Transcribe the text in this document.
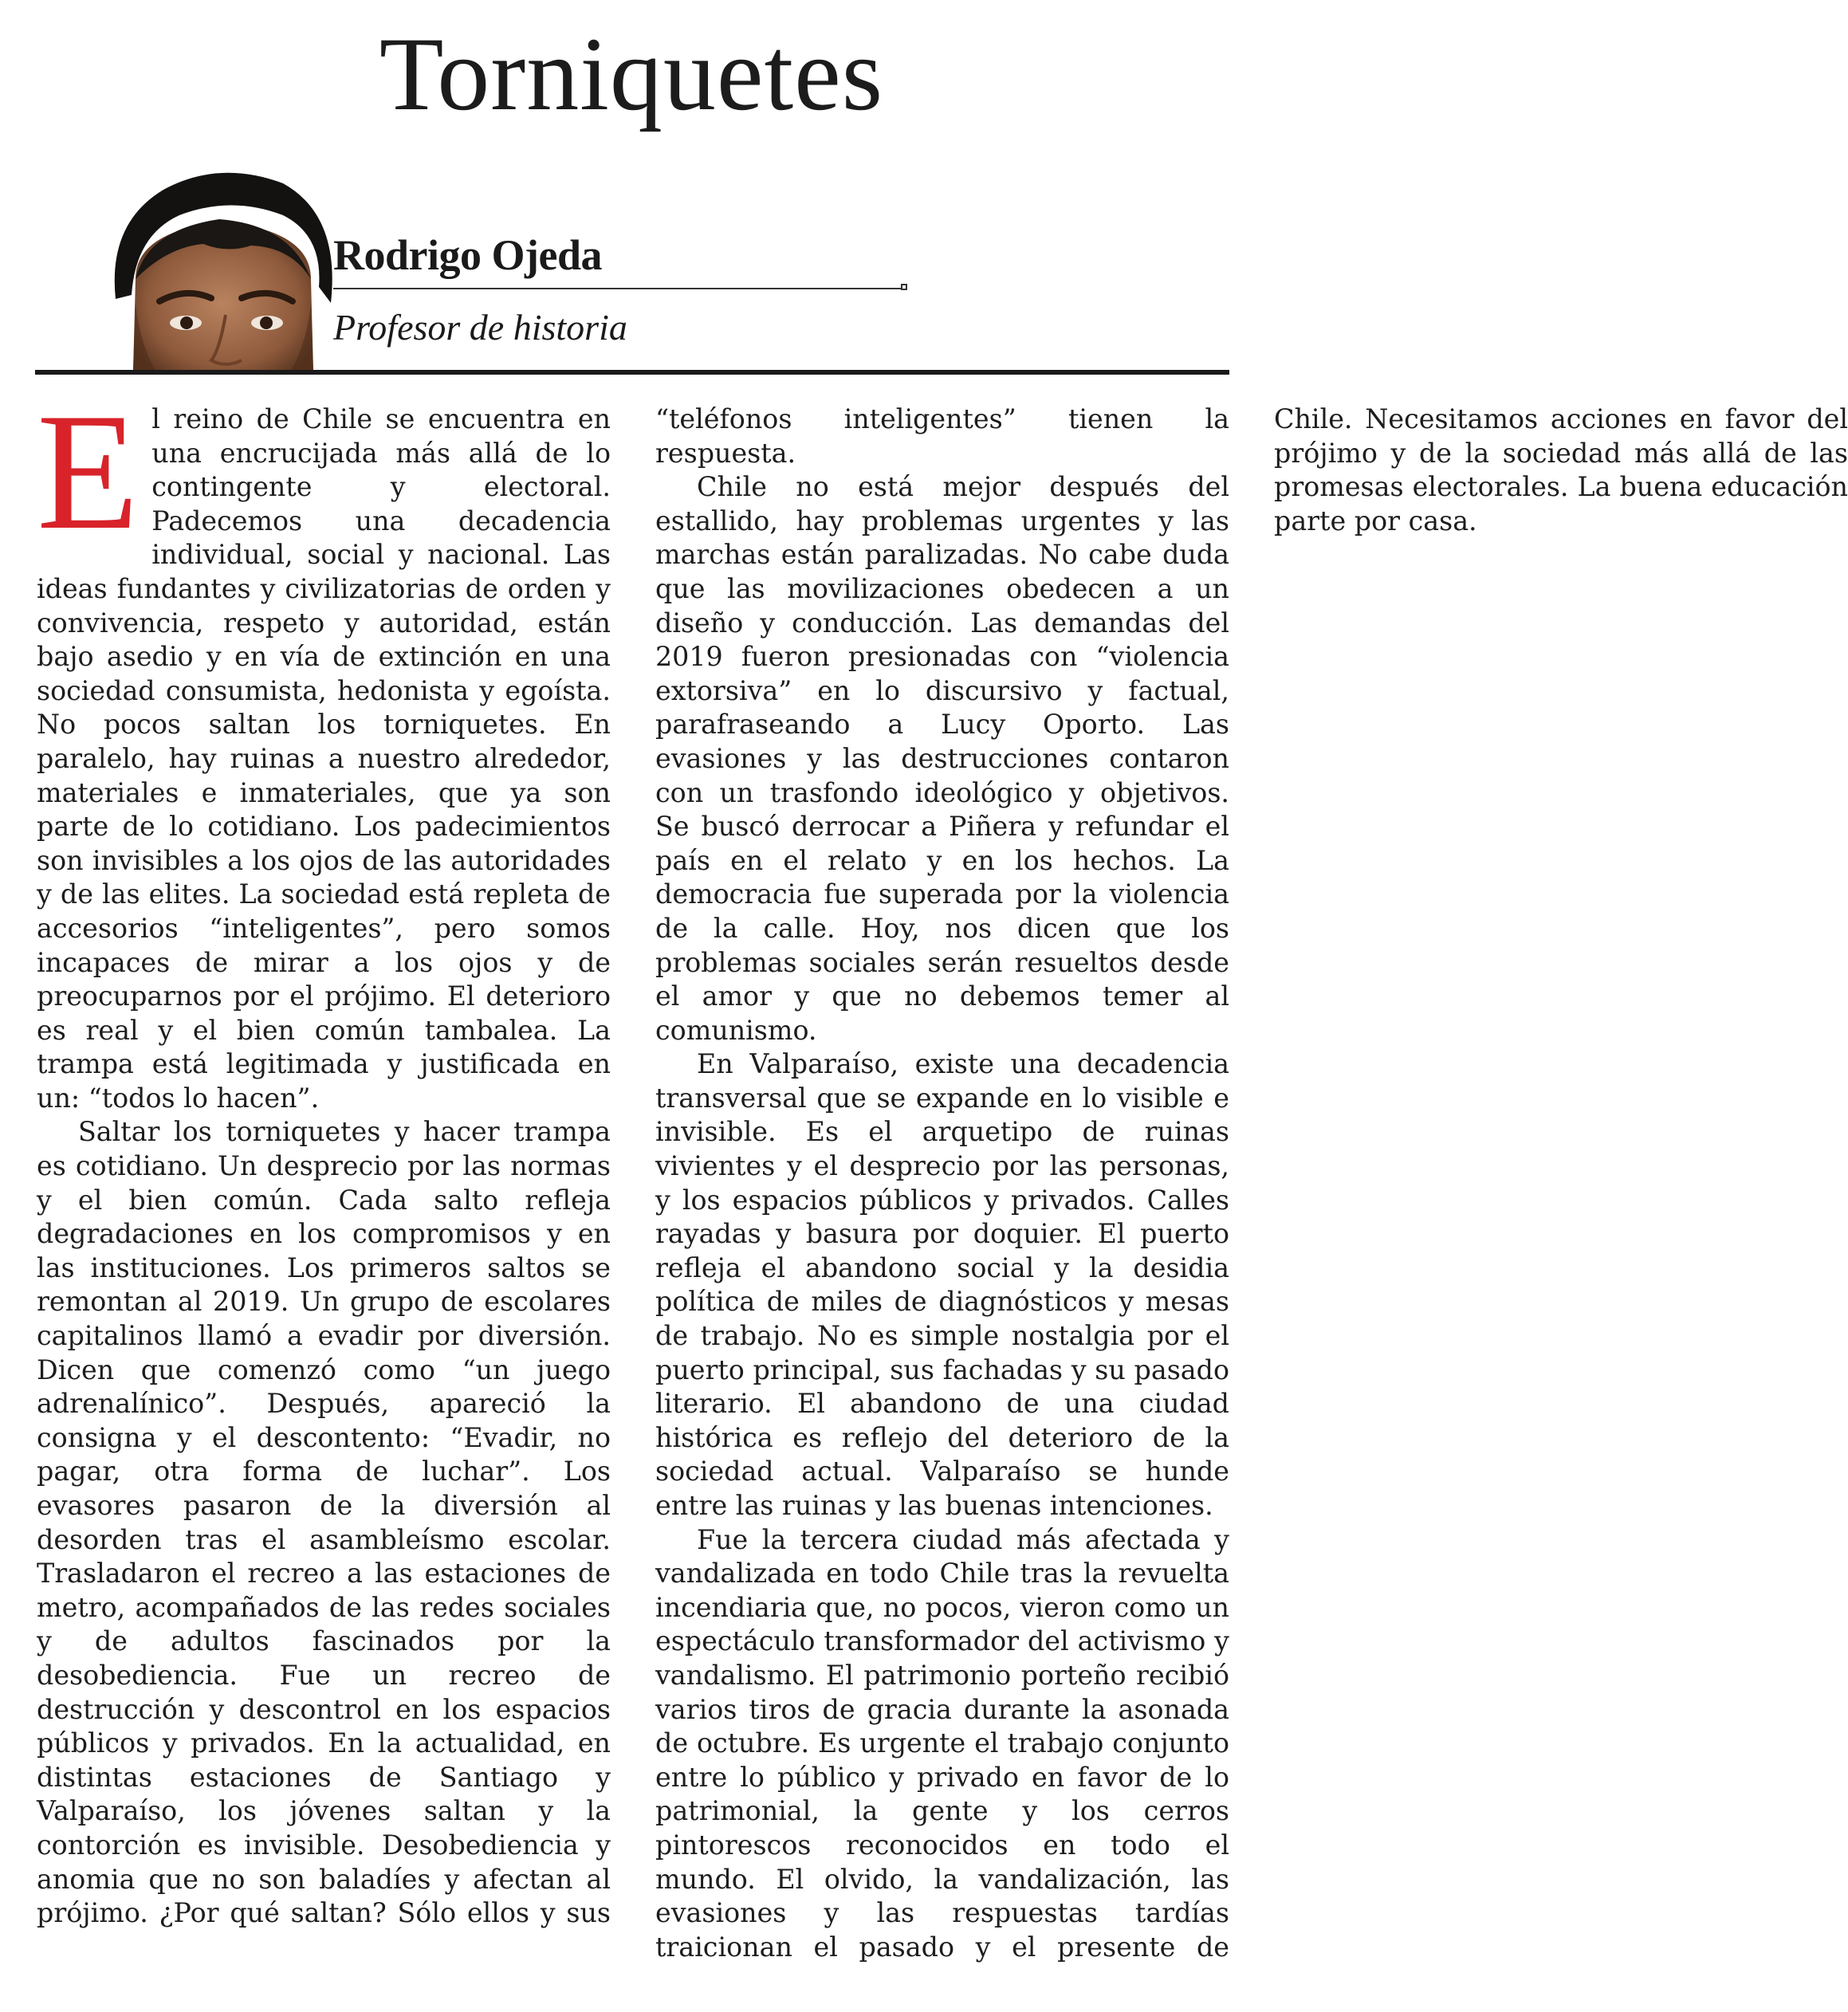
Torniquetes

Rodrigo Ojeda

Profesor de historia

El reino de Chile se encuentra en una encrucijada más allá de lo contingente y electoral. Padecemos una decadencia individual, social y nacional. Las ideas fundantes y civilizatorias de orden y convivencia, respeto y autoridad, están bajo asedio y en vía de extinción en una sociedad consumista, hedonista y egoísta. No pocos saltan los torniquetes. En paralelo, hay ruinas a nuestro alrededor, materiales e inmateriales, que ya son parte de lo cotidiano. Los padecimientos son invisibles a los ojos de las autoridades y de las elites. La sociedad está repleta de accesorios “inteligentes”, pero somos incapaces de mirar a los ojos y de preocuparnos por el prójimo. El deterioro es real y el bien común tambalea. La trampa está legitimada y justificada en un: “todos lo hacen”.

Saltar los torniquetes y hacer trampa es cotidiano. Un desprecio por las normas y el bien común. Cada salto refleja degradaciones en los compromisos y en las instituciones. Los primeros saltos se remontan al 2019. Un grupo de escolares capitalinos llamó a evadir por diversión. Dicen que comenzó como “un juego adrenalínico”. Después, apareció la consigna y el descontento: “Evadir, no pagar, otra forma de luchar”. Los evasores pasaron de la diversión al desorden tras el asambleísmo escolar. Trasladaron el recreo a las estaciones de metro, acompañados de las redes sociales y de adultos fascinados por la desobediencia. Fue un recreo de destrucción y descontrol en los espacios públicos y privados. En la actualidad, en distintas estaciones de Santiago y Valparaíso, los jóvenes saltan y la contorción es invisible. Desobediencia y anomia que no son baladíes y afectan al prójimo. ¿Por qué saltan? Sólo ellos y sus “teléfonos inteligentes” tienen la respuesta.

Chile no está mejor después del estallido, hay problemas urgentes y las marchas están paralizadas. No cabe duda que las movilizaciones obedecen a un diseño y conducción. Las demandas del 2019 fueron presionadas con “violencia extorsiva” en lo discursivo y factual, parafraseando a Lucy Oporto. Las evasiones y las destrucciones contaron con un trasfondo ideológico y objetivos. Se buscó derrocar a Piñera y refundar el país en el relato y en los hechos. La democracia fue superada por la violencia de la calle. Hoy, nos dicen que los problemas sociales serán resueltos desde el amor y que no debemos temer al comunismo.

En Valparaíso, existe una decadencia transversal que se expande en lo visible e invisible. Es el arquetipo de ruinas vivientes y el desprecio por las personas, y los espacios públicos y privados. Calles rayadas y basura por doquier. El puerto refleja el abandono social y la desidia política de miles de diagnósticos y mesas de trabajo. No es simple nostalgia por el puerto principal, sus fachadas y su pasado literario. El abandono de una ciudad histórica es reflejo del deterioro de la sociedad actual. Valparaíso se hunde entre las ruinas y las buenas intenciones.

Fue la tercera ciudad más afectada y vandalizada en todo Chile tras la revuelta incendiaria que, no pocos, vieron como un espectáculo transformador del activismo y vandalismo. El patrimonio porteño recibió varios tiros de gracia durante la asonada de octubre. Es urgente el trabajo conjunto entre lo público y privado en favor de lo patrimonial, la gente y los cerros pintorescos reconocidos en todo el mundo. El olvido, la vandalización, las evasiones y las respuestas tardías traicionan el pasado y el presente de Chile. Necesitamos acciones en favor del prójimo y de la sociedad más allá de las promesas electorales. La buena educación parte por casa.
